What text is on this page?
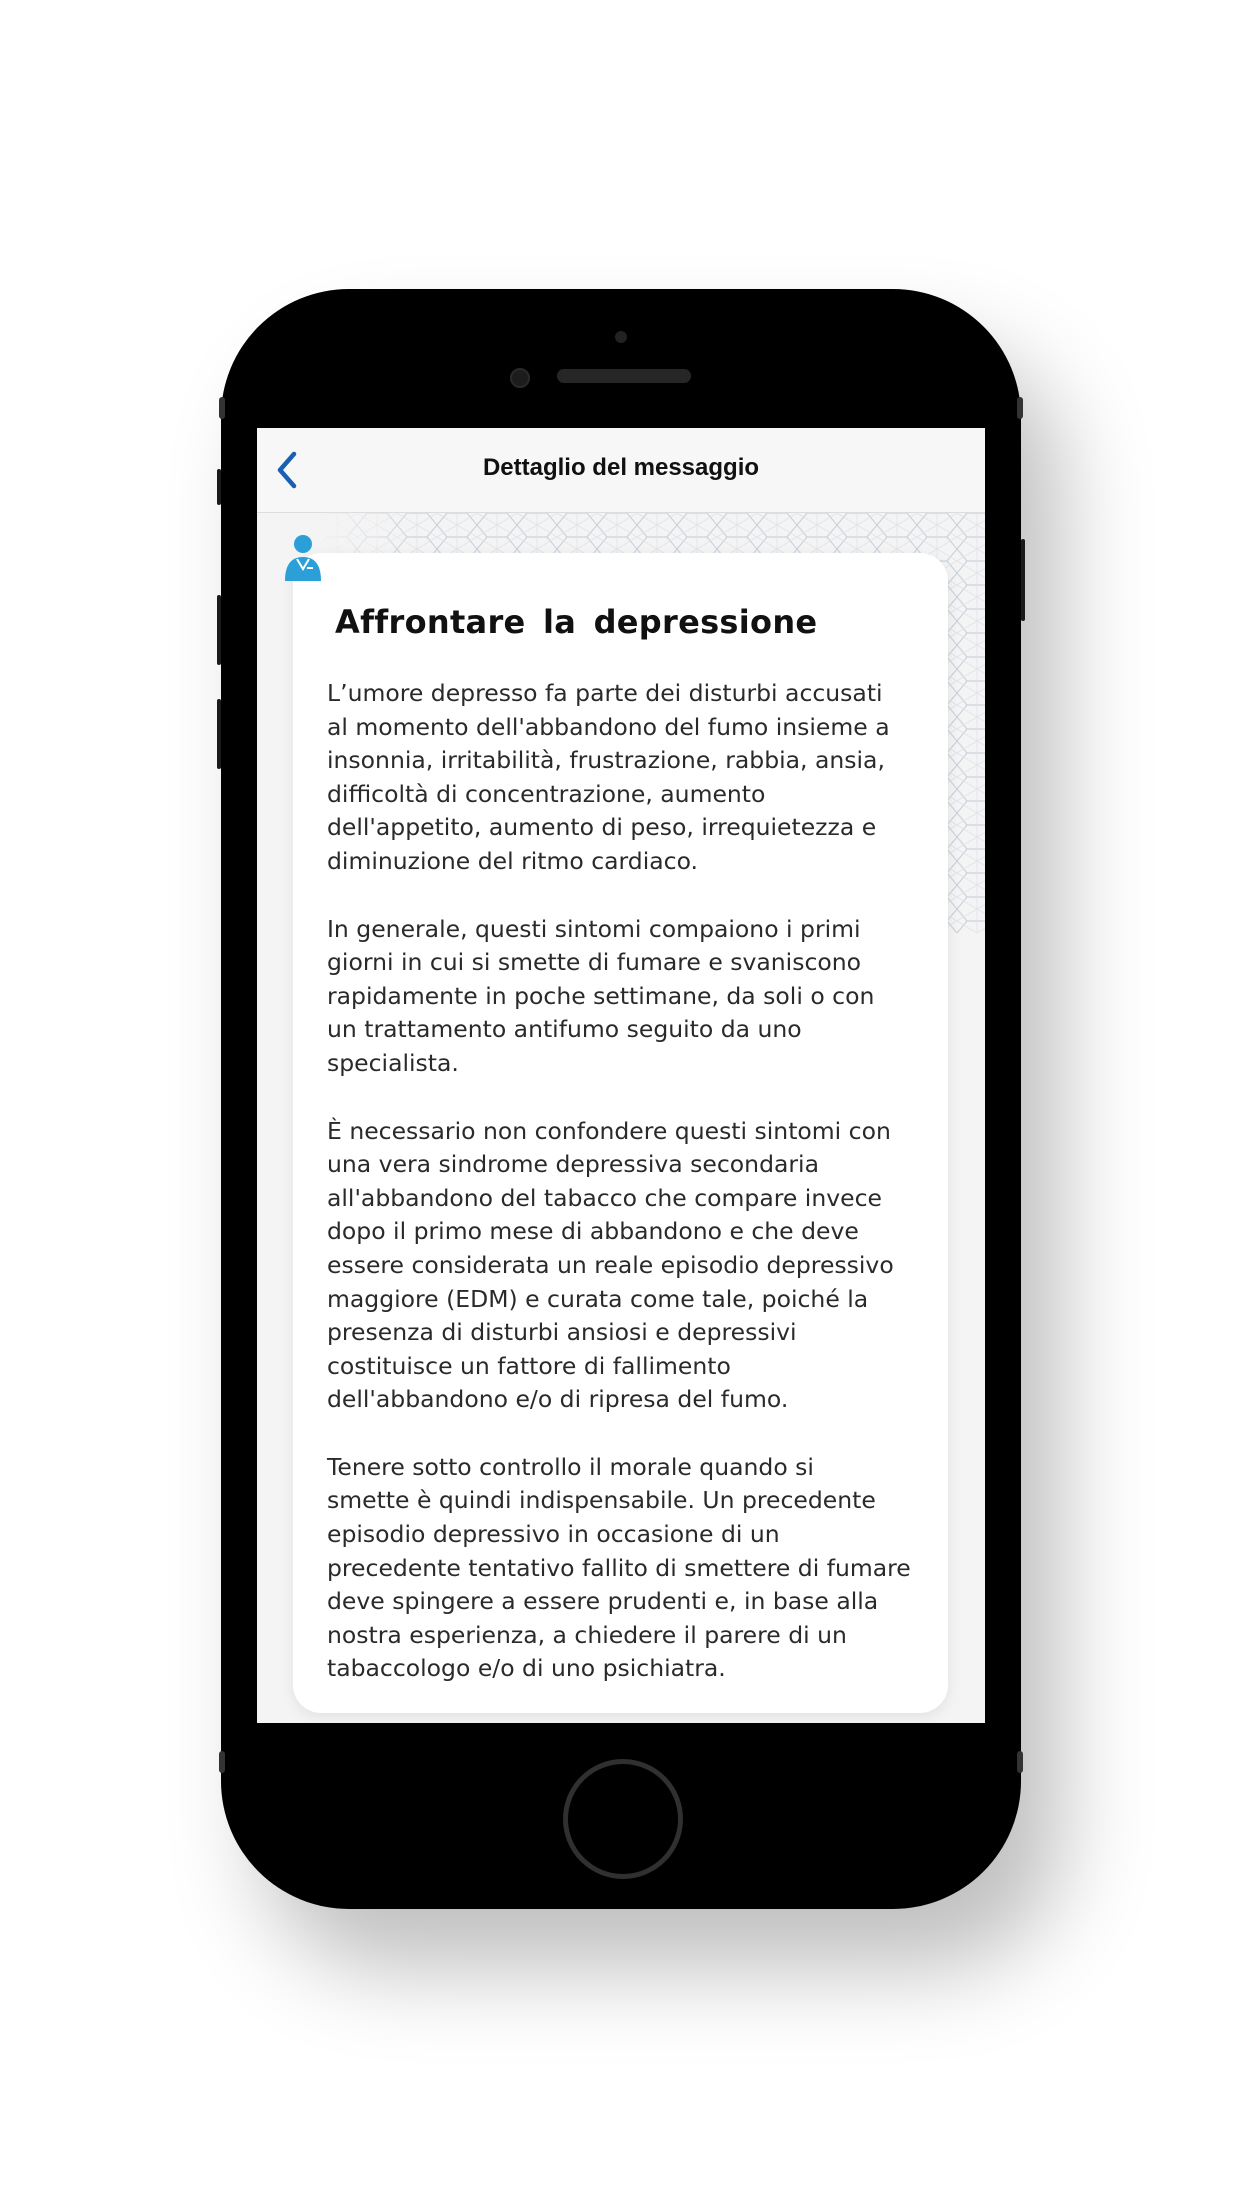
Dettaglio del messaggio
Affrontare la depressione

L’umore depresso fa parte dei disturbi accusati
al momento dell'abbandono del fumo insieme a
insonnia, irritabilità, frustrazione, rabbia, ansia,
difficoltà di concentrazione, aumento
dell'appetito, aumento di peso, irrequietezza e
diminuzione del ritmo cardiaco.

In generale, questi sintomi compaiono i primi
giorni in cui si smette di fumare e svaniscono
rapidamente in poche settimane, da soli o con
un trattamento antifumo seguito da uno
specialista.

È necessario non confondere questi sintomi con
una vera sindrome depressiva secondaria
all'abbandono del tabacco che compare invece
dopo il primo mese di abbandono e che deve
essere considerata un reale episodio depressivo
maggiore (EDM) e curata come tale, poiché la
presenza di disturbi ansiosi e depressivi
costituisce un fattore di fallimento
dell'abbandono e/o di ripresa del fumo.

Tenere sotto controllo il morale quando si
smette è quindi indispensabile. Un precedente
episodio depressivo in occasione di un
precedente tentativo fallito di smettere di fumare
deve spingere a essere prudenti e, in base alla
nostra esperienza, a chiedere il parere di un
tabaccologo e/o di uno psichiatra.
